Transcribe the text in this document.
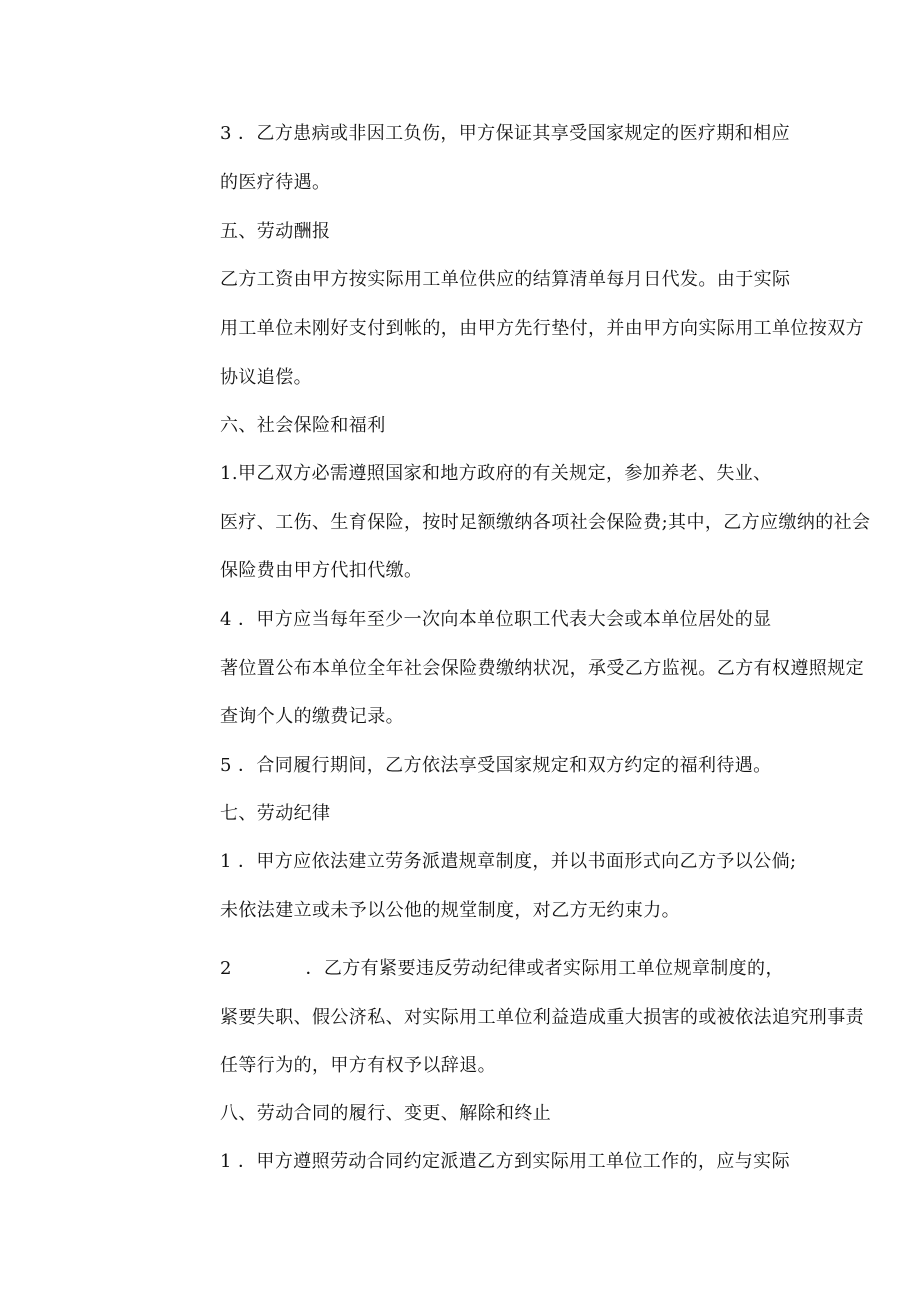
3 ．乙方患病或非因工负伤，甲方保证其享受国家规定的医疗期和相应
的医疗待遇。
五、劳动酬报
乙方工资由甲方按实际用工单位供应的结算清单每月日代发。由于实际
用工单位未刚好支付到帐的，由甲方先行垫付，并由甲方向实际用工单位按双方
协议追偿。
六、社会保险和福利
1.甲乙双方必需遵照国家和地方政府的有关规定，参加养老、失业、
医疗、工伤、生育保险，按时足额缴纳各项社会保险费;其中，乙方应缴纳的社会
保险费由甲方代扣代缴。
4 ．甲方应当每年至少一次向本单位职工代表大会或本单位居处的显
著位置公布本单位全年社会保险费缴纳状况，承受乙方监视。乙方有权遵照规定
查询个人的缴费记录。
5 ．合同履行期间，乙方依法享受国家规定和双方约定的福利待遇。
七、劳动纪律
1 ．甲方应依法建立劳务派遣规章制度，并以书面形式向乙方予以公倘;
未依法建立或未予以公他的规堂制度，对乙方无约束力。
2　　　　．乙方有紧要违反劳动纪律或者实际用工单位规章制度的，
紧要失职、假公济私、对实际用工单位利益造成重大损害的或被依法追究刑事责
任等行为的，甲方有权予以辞退。
八、劳动合同的履行、变更、解除和终止
1 ．甲方遵照劳动合同约定派遣乙方到实际用工单位工作的，应与实际
